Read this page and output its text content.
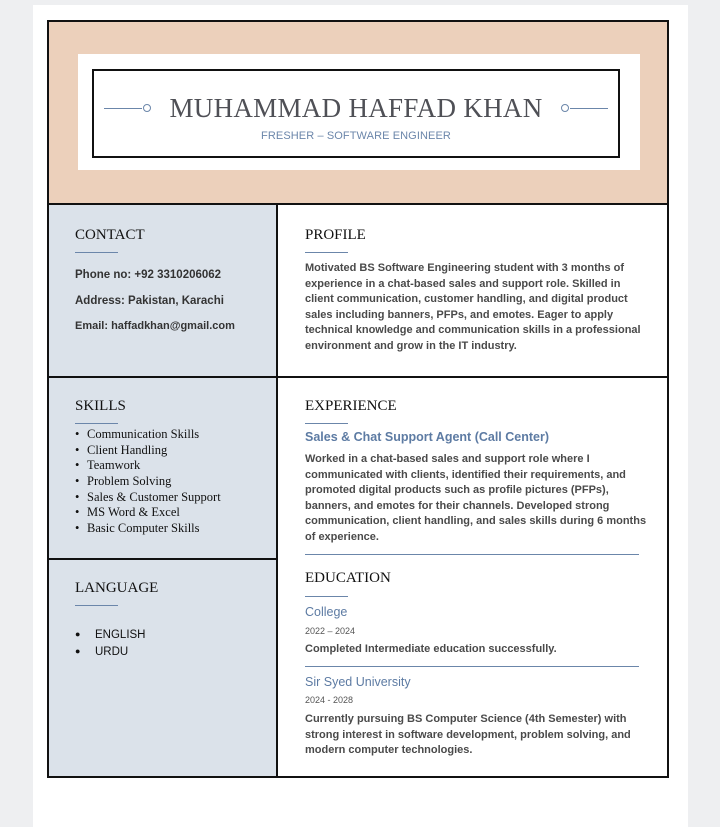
MUHAMMAD HAFFAD KHAN
FRESHER – SOFTWARE ENGINEER
CONTACT
Phone no: +92 3310206062
Address: Pakistan, Karachi
Email: haffadkhan@gmail.com
SKILLS
• Communication Skills
• Client Handling
• Teamwork
• Problem Solving
• Sales & Customer Support
• MS Word & Excel
• Basic Computer Skills
LANGUAGE
● ENGLISH
● URDU
PROFILE

Motivated BS Software Engineering student with 3 months of experience in a chat-based sales and support role. Skilled in client communication, customer handling, and digital product sales including banners, PFPs, and emotes. Eager to apply technical knowledge and communication skills in a professional environment and grow in the IT industry.

EXPERIENCE
Sales & Chat Support Agent (Call Center)

Worked in a chat-based sales and support role where I communicated with clients, identified their requirements, and promoted digital products such as profile pictures (PFPs), banners, and emotes for their channels. Developed strong communication, client handling, and sales skills during 6 months of experience.

EDUCATION
College
2022 – 2024

Completed Intermediate education successfully.

Sir Syed University
2024 - 2028

Currently pursuing BS Computer Science (4th Semester) with strong interest in software development, problem solving, and modern computer technologies.
